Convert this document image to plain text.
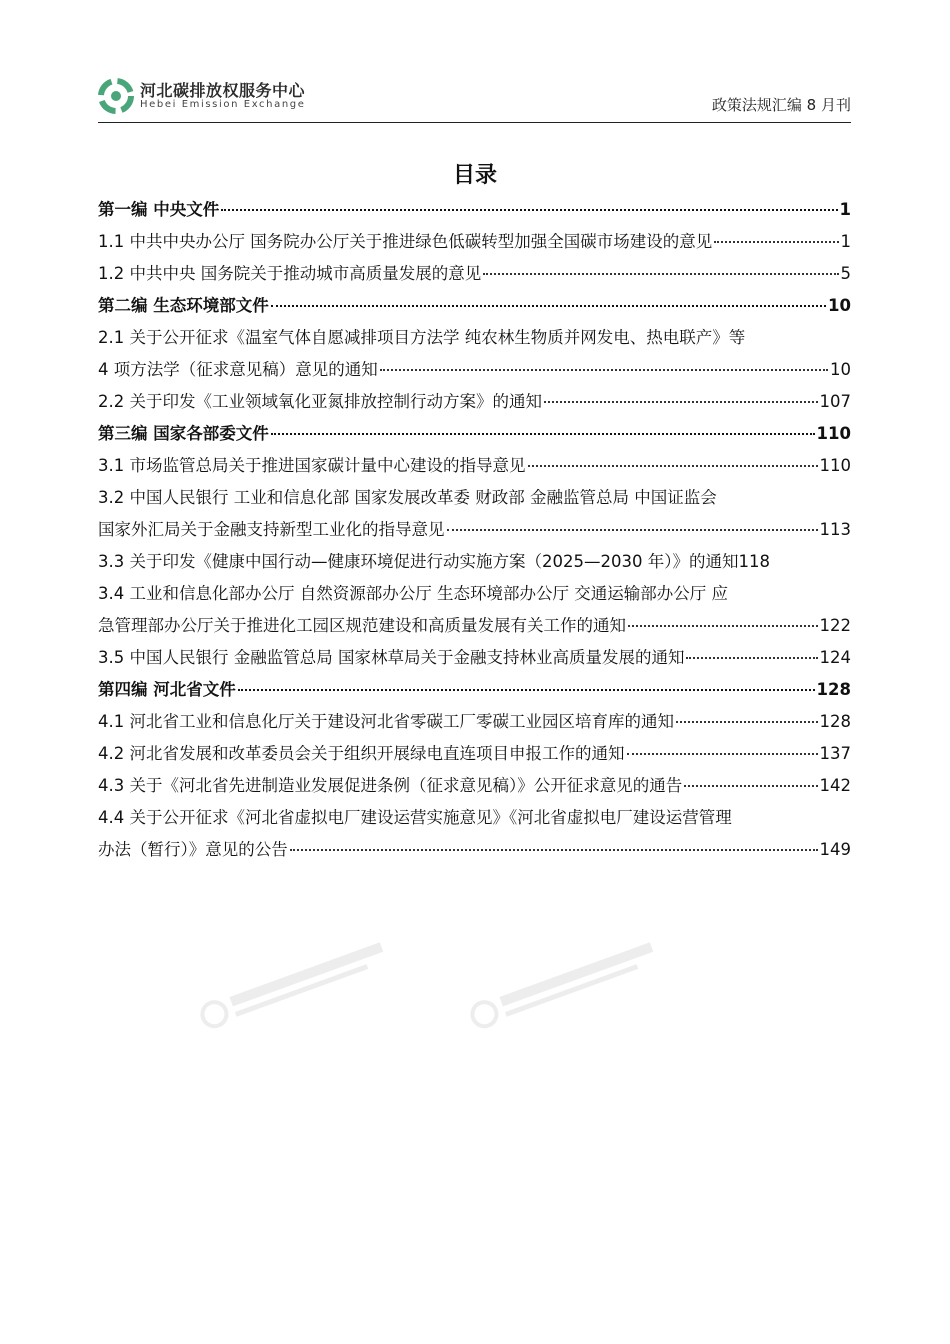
河北碳排放权服务中心
Hebei Emission Exchange	政策法规汇编 8 月刊
目录
第一编 中央文件	1
1.1 中共中央办公厅 国务院办公厅关于推进绿色低碳转型加强全国碳市场建设的意见	1
1.2 中共中央 国务院关于推动城市高质量发展的意见	5
第二编 生态环境部文件	10
2.1 关于公开征求《温室气体自愿减排项目方法学 纯农林生物质并网发电、热电联产》等
4 项方法学（征求意见稿）意见的通知	10
2.2 关于印发《工业领域氧化亚氮排放控制行动方案》的通知	107
第三编 国家各部委文件	110
3.1 市场监管总局关于推进国家碳计量中心建设的指导意见	110
3.2 中国人民银行 工业和信息化部 国家发展改革委 财政部 金融监管总局 中国证监会
国家外汇局关于金融支持新型工业化的指导意见	113
3.3 关于印发《健康中国行动—健康环境促进行动实施方案（2025—2030 年）》的通知 118
3.4 工业和信息化部办公厅 自然资源部办公厅 生态环境部办公厅 交通运输部办公厅 应
急管理部办公厅关于推进化工园区规范建设和高质量发展有关工作的通知	122
3.5 中国人民银行 金融监管总局 国家林草局关于金融支持林业高质量发展的通知	124
第四编 河北省文件	128
4.1 河北省工业和信息化厅关于建设河北省零碳工厂零碳工业园区培育库的通知	128
4.2 河北省发展和改革委员会关于组织开展绿电直连项目申报工作的通知	137
4.3 关于《河北省先进制造业发展促进条例（征求意见稿）》公开征求意见的通告	142
4.4 关于公开征求《河北省虚拟电厂建设运营实施意见》《河北省虚拟电厂建设运营管理
办法（暂行）》意见的公告	149
